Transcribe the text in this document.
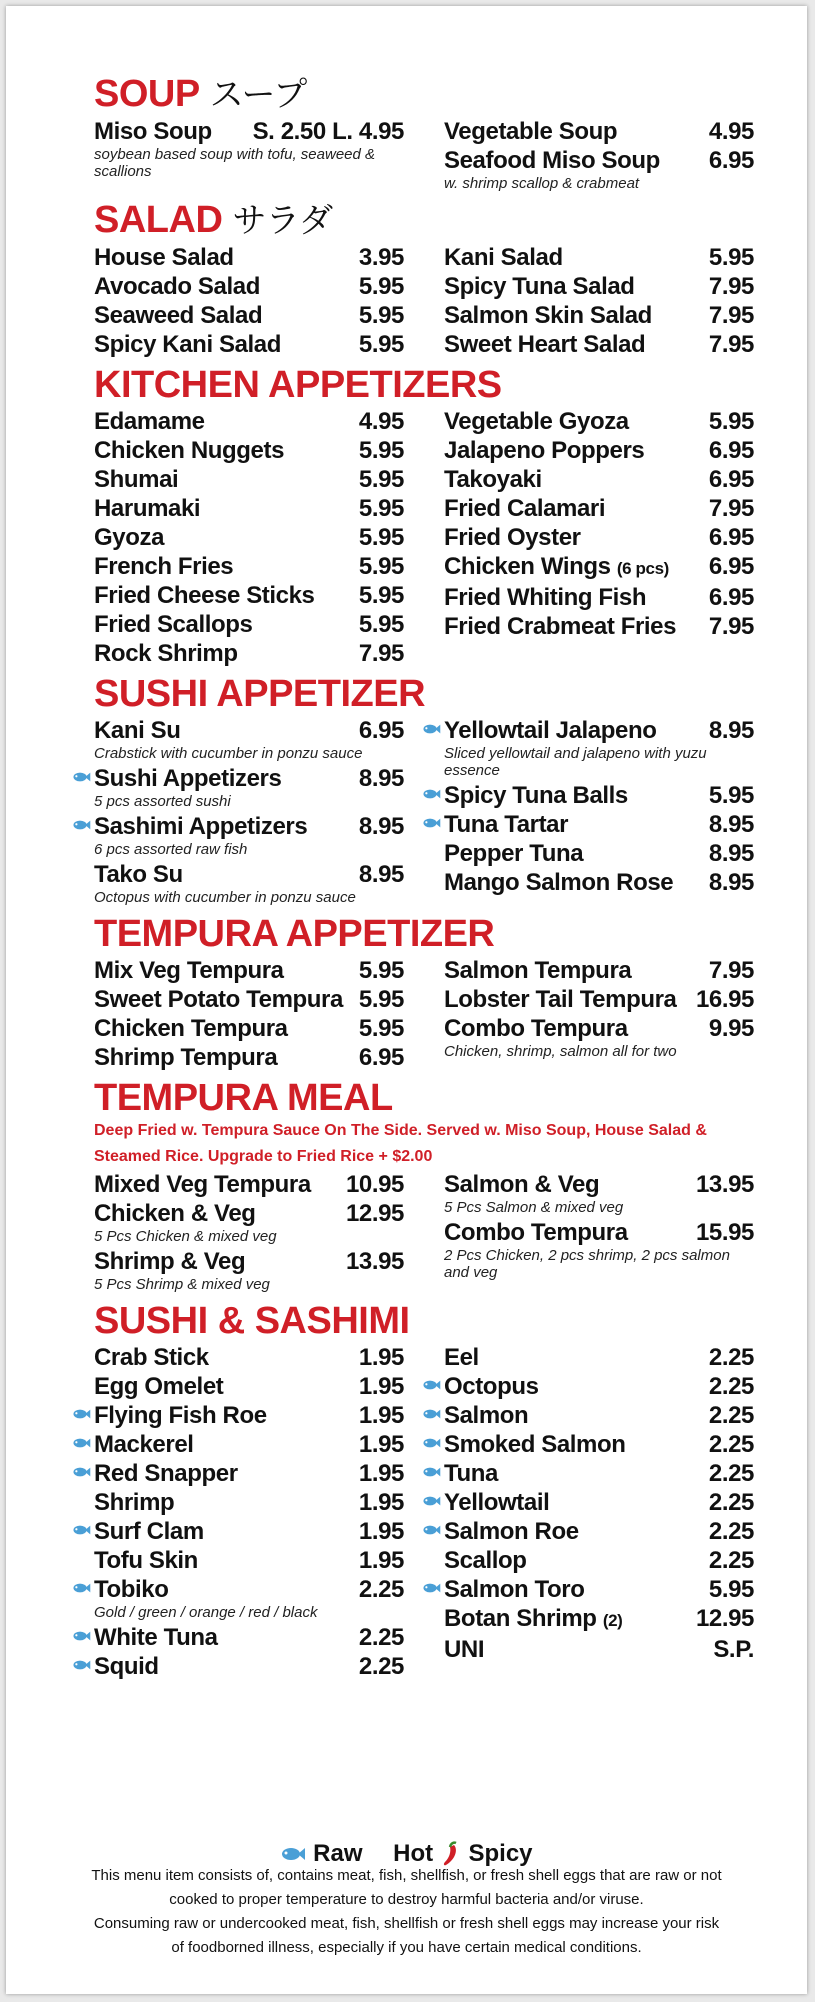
SOUP スープ
Miso Soup	S. 2.50 L. 4.95
soybean based soup with tofu, seaweed & scallions
Vegetable Soup	4.95
Seafood Miso Soup	6.95
w. shrimp scallop & crabmeat
SALAD サラダ
House Salad	3.95
Avocado Salad	5.95
Seaweed Salad	5.95
Spicy Kani Salad	5.95
Kani Salad	5.95
Spicy Tuna Salad	7.95
Salmon Skin Salad	7.95
Sweet Heart Salad	7.95
KITCHEN APPETIZERS
Edamame	4.95
Chicken Nuggets	5.95
Shumai	5.95
Harumaki	5.95
Gyoza	5.95
French Fries	5.95
Fried Cheese Sticks	5.95
Fried Scallops	5.95
Rock Shrimp	7.95
Vegetable Gyoza	5.95
Jalapeno Poppers	6.95
Takoyaki	6.95
Fried Calamari	7.95
Fried Oyster	6.95
Chicken Wings (6 pcs)	6.95
Fried Whiting Fish	6.95
Fried Crabmeat Fries	7.95
SUSHI APPETIZER
Kani Su	6.95
Crabstick with cucumber in ponzu sauce
Sushi Appetizers	8.95
5 pcs assorted sushi
Sashimi Appetizers	8.95
6 pcs assorted raw fish
Tako Su	8.95
Octopus with cucumber in ponzu sauce
Yellowtail Jalapeno	8.95
Sliced yellowtail and jalapeno with yuzu essence
Spicy Tuna Balls	5.95
Tuna Tartar	8.95
Pepper Tuna	8.95
Mango Salmon Rose	8.95
TEMPURA APPETIZER
Mix Veg Tempura	5.95
Sweet Potato Tempura 5.95
Chicken Tempura	5.95
Shrimp Tempura	6.95
Salmon Tempura	7.95
Lobster Tail Tempura 16.95
Combo Tempura	9.95
Chicken, shrimp, salmon all for two
TEMPURA MEAL
Deep Fried w. Tempura Sauce On The Side. Served w. Miso Soup, House Salad & Steamed Rice. Upgrade to Fried Rice + $2.00
Mixed Veg Tempura	10.95
Chicken & Veg	12.95
5 Pcs Chicken & mixed veg
Shrimp & Veg	13.95
5 Pcs Shrimp & mixed veg
Salmon & Veg	13.95
5 Pcs Salmon & mixed veg
Combo Tempura	15.95
2 Pcs Chicken, 2 pcs shrimp, 2 pcs salmon and veg
SUSHI & SASHIMI
Crab Stick	1.95
Egg Omelet	1.95
Flying Fish Roe	1.95
Mackerel	1.95
Red Snapper	1.95
Shrimp	1.95
Surf Clam	1.95
Tofu Skin	1.95
Tobiko	2.25
Gold / green / orange / red / black
White Tuna	2.25
Squid	2.25
Eel	2.25
Octopus	2.25
Salmon	2.25
Smoked Salmon	2.25
Tuna	2.25
Yellowtail	2.25
Salmon Roe	2.25
Scallop	2.25
Salmon Toro	5.95
Botan Shrimp (2)	12.95
UNI	S.P.
Raw Hot Spicy
This menu item consists of, contains meat, fish, shellfish, or fresh shell eggs that are raw or not
cooked to proper temperature to destroy harmful bacteria and/or viruse.
Consuming raw or undercooked meat, fish, shellfish or fresh shell eggs may increase your risk
of foodborned illness, especially if you have certain medical conditions.
